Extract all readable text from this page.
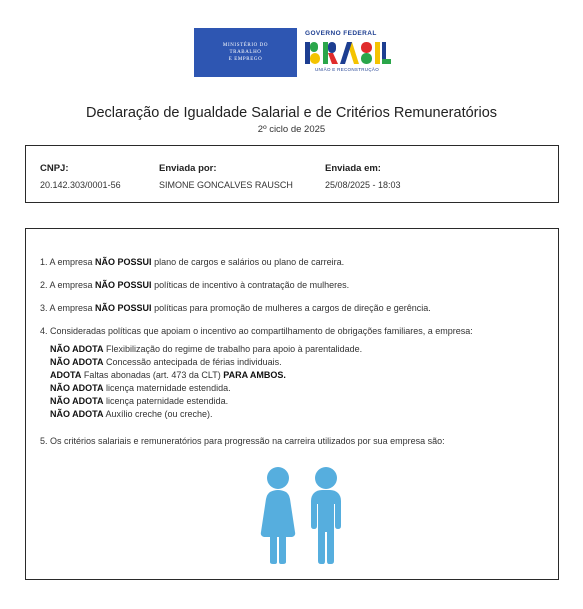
MINISTÉRIO DO
TRABALHO
E EMPREGO
GOVERNO FEDERAL
UNIÃO E RECONSTRUÇÃO
Declaração de Igualdade Salarial e de Critérios Remuneratórios
2º ciclo de 2025
CNPJ:
20.142.303/0001-56
Enviada por:
SIMONE GONCALVES RAUSCH
Enviada em:
25/08/2025 - 18:03
1. A empresa NÃO POSSUI plano de cargos e salários ou plano de carreira.
2. A empresa NÃO POSSUI políticas de incentivo à contratação de mulheres.
3. A empresa NÃO POSSUI políticas para promoção de mulheres a cargos de direção e gerência.
4. Consideradas políticas que apoiam o incentivo ao compartilhamento de obrigações familiares, a empresa:
NÃO ADOTA Flexibilização do regime de trabalho para apoio à parentalidade.
NÃO ADOTA Concessão antecipada de férias individuais.
ADOTA Faltas abonadas (art. 473 da CLT) PARA AMBOS.
NÃO ADOTA licença maternidade estendida.
NÃO ADOTA licença paternidade estendida.
NÃO ADOTA Auxílio creche (ou creche).
5. Os critérios salariais e remuneratórios para progressão na carreira utilizados por sua empresa são:
